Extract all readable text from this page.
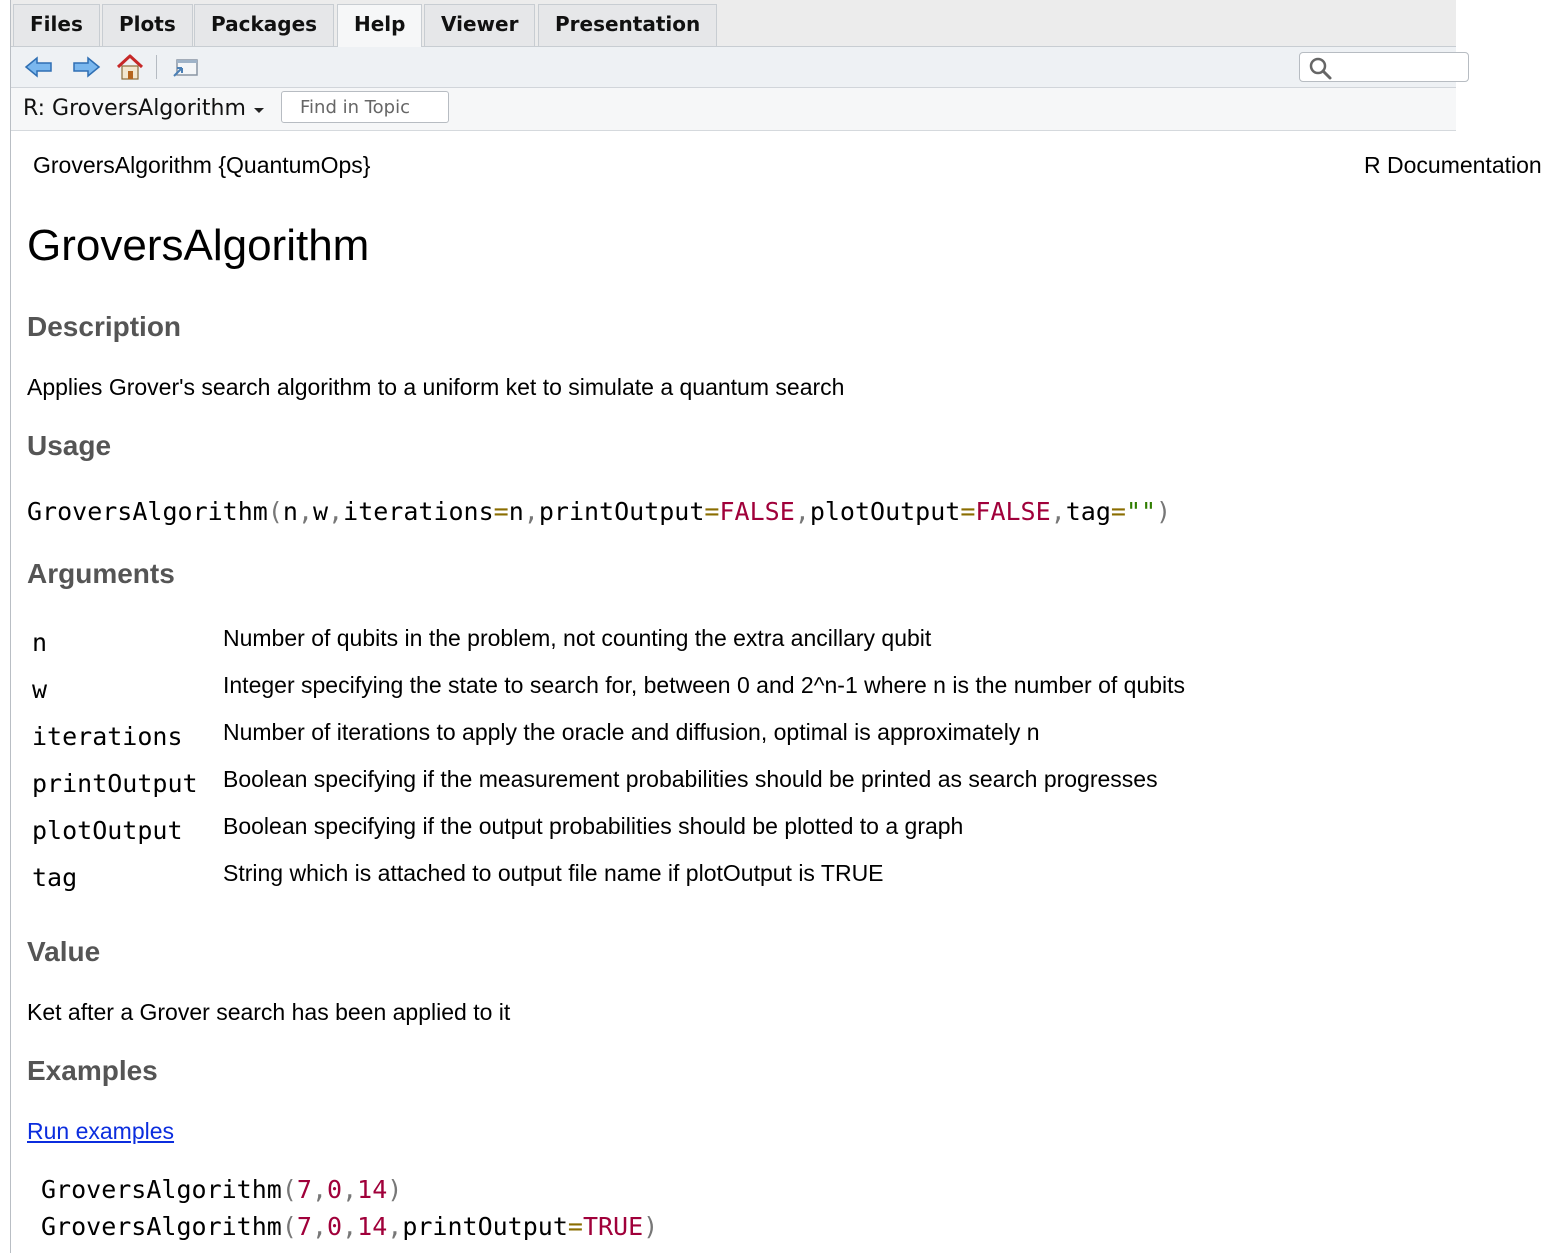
Files	Plots	Packages	Help	Viewer	Presentation
R: GroversAlgorithm
Find in Topic
GroversAlgorithm {QuantumOps}	R Documentation
GroversAlgorithm
Description

Applies Grover's search algorithm to a uniform ket to simulate a quantum search

Usage
GroversAlgorithm(n,w,iterations=n,printOutput=FALSE,plotOutput=FALSE,tag="")
Arguments
n	Number of qubits in the problem, not counting the extra ancillary qubit
w	Integer specifying the state to search for, between 0 and 2^n-1 where n is the number of qubits
iterations Number of iterations to apply the oracle and diffusion, optimal is approximately n
printOutput Boolean specifying if the measurement probabilities should be printed as search progresses
plotOutput Boolean specifying if the output probabilities should be plotted to a graph
tag	String which is attached to output file name if plotOutput is TRUE
Value

Ket after a Grover search has been applied to it

Examples
Run examples
GroversAlgorithm(7,0,14)
GroversAlgorithm(7,0,14,printOutput=TRUE)
